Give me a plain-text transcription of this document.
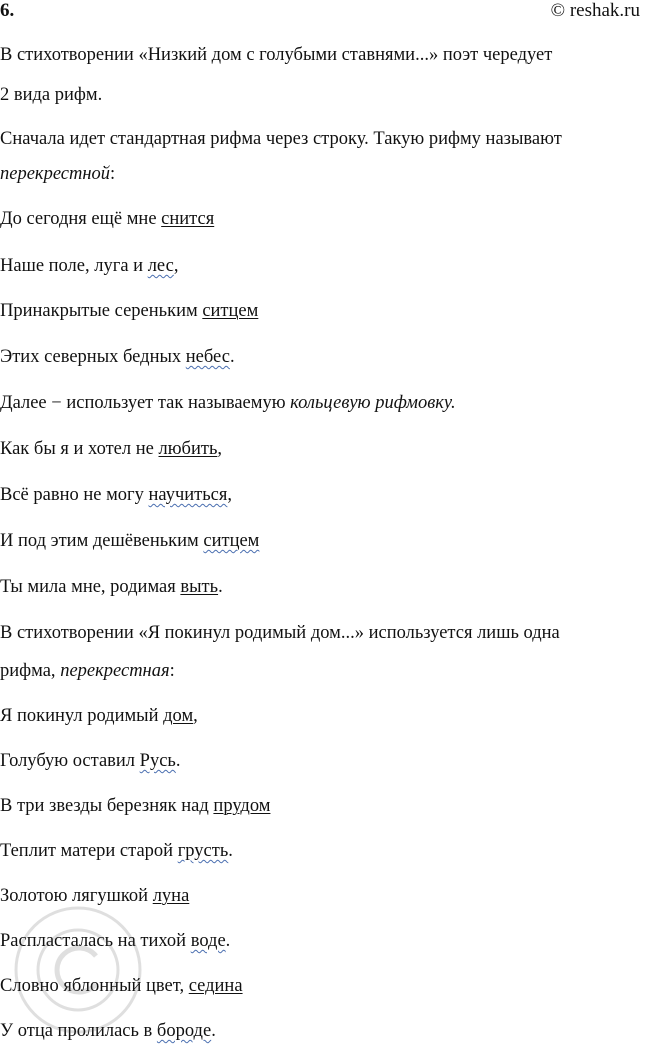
6.	© reshak.ru
В стихотворении «Низкий дом с голубыми ставнями...» поэт чередует
2 вида рифм.
Сначала идет стандартная рифма через строку. Такую рифму называют
перекрестной:
До сегодня ещё мне снится
Наше поле, луга и лес,
Принакрытые сереньким ситцем
Этих северных бедных небес.
Далее − использует так называемую кольцевую рифмовку.
Как бы я и хотел не любить,
Всё равно не могу научиться,
И под этим дешёвеньким ситцем
Ты мила мне, родимая выть.
В стихотворении «Я покинул родимый дом...» используется лишь одна
рифма, перекрестная:
Я покинул родимый дом,
Голубую оставил Русь.
В три звезды березняк над прудом
Теплит матери старой грусть.
Золотою лягушкой луна
Распласталась на тихой воде.
Словно яблонный цвет, седина
У отца пролилась в бороде.
